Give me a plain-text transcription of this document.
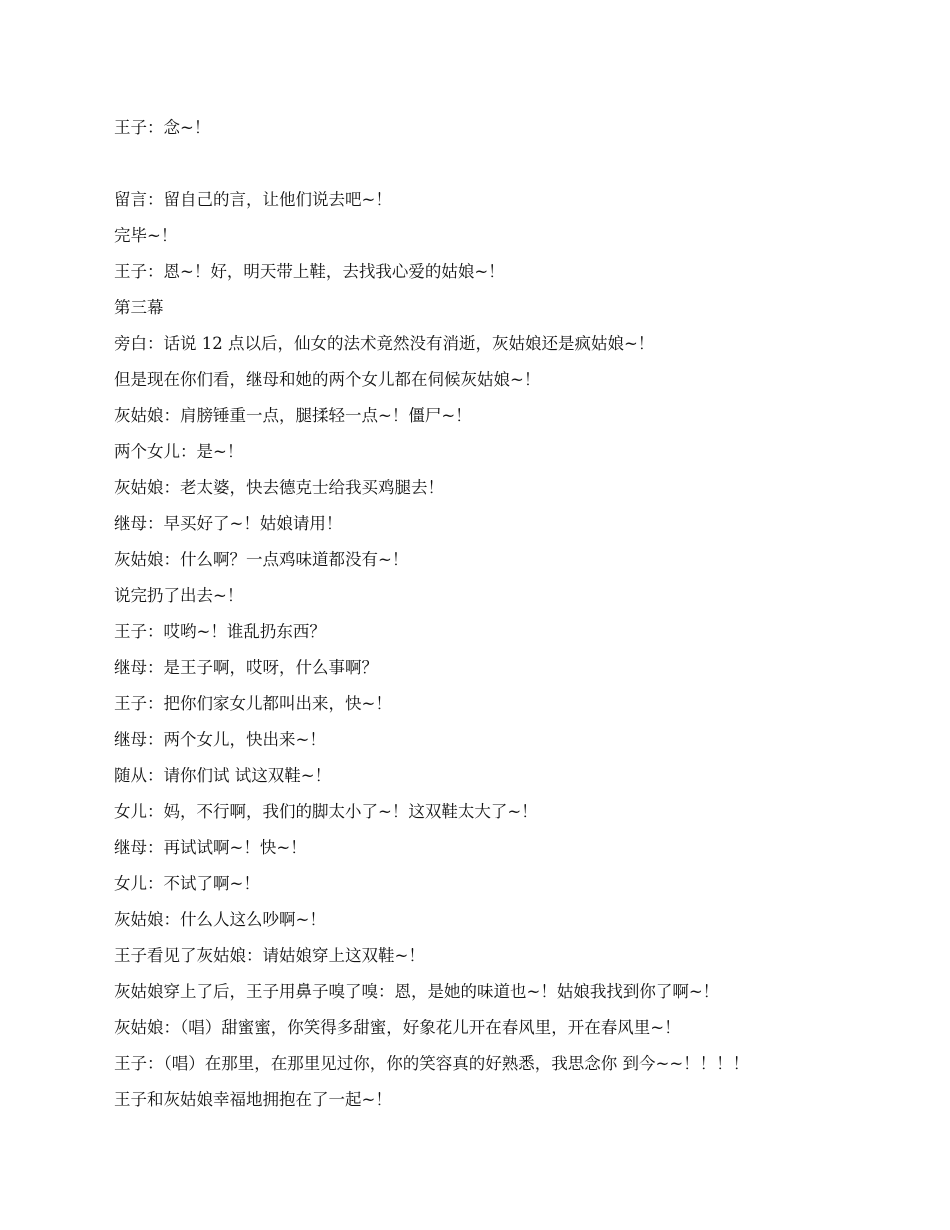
王子：念~！
留言：留自己的言，让他们说去吧~！
完毕~！
王子：恩~！好，明天带上鞋，去找我心爱的姑娘~！
第三幕
旁白：话说 12 点以后，仙女的法术竟然没有消逝，灰姑娘还是疯姑娘~！
但是现在你们看，继母和她的两个女儿都在伺候灰姑娘~！
灰姑娘：肩膀锤重一点，腿揉轻一点~！僵尸~！
两个女儿：是~！
灰姑娘：老太婆，快去德克士给我买鸡腿去！
继母：早买好了~！姑娘请用！
灰姑娘：什么啊？一点鸡味道都没有~！
说完扔了出去~！
王子：哎哟~！谁乱扔东西？
继母：是王子啊，哎呀，什么事啊？
王子：把你们家女儿都叫出来，快~！
继母：两个女儿，快出来~！
随从：请你们试 试这双鞋~！
女儿：妈，不行啊，我们的脚太小了~！这双鞋太大了~！
继母：再试试啊~！快~！
女儿：不试了啊~！
灰姑娘：什么人这么吵啊~！
王子看见了灰姑娘：请姑娘穿上这双鞋~！
灰姑娘穿上了后，王子用鼻子嗅了嗅：恩，是她的味道也~！姑娘我找到你了啊~！
灰姑娘：（唱）甜蜜蜜，你笑得多甜蜜，好象花儿开在春风里，开在春风里~！
王子：（唱）在那里，在那里见过你，你的笑容真的好熟悉，我思念你 到今~~！！！！
王子和灰姑娘幸福地拥抱在了一起~！
